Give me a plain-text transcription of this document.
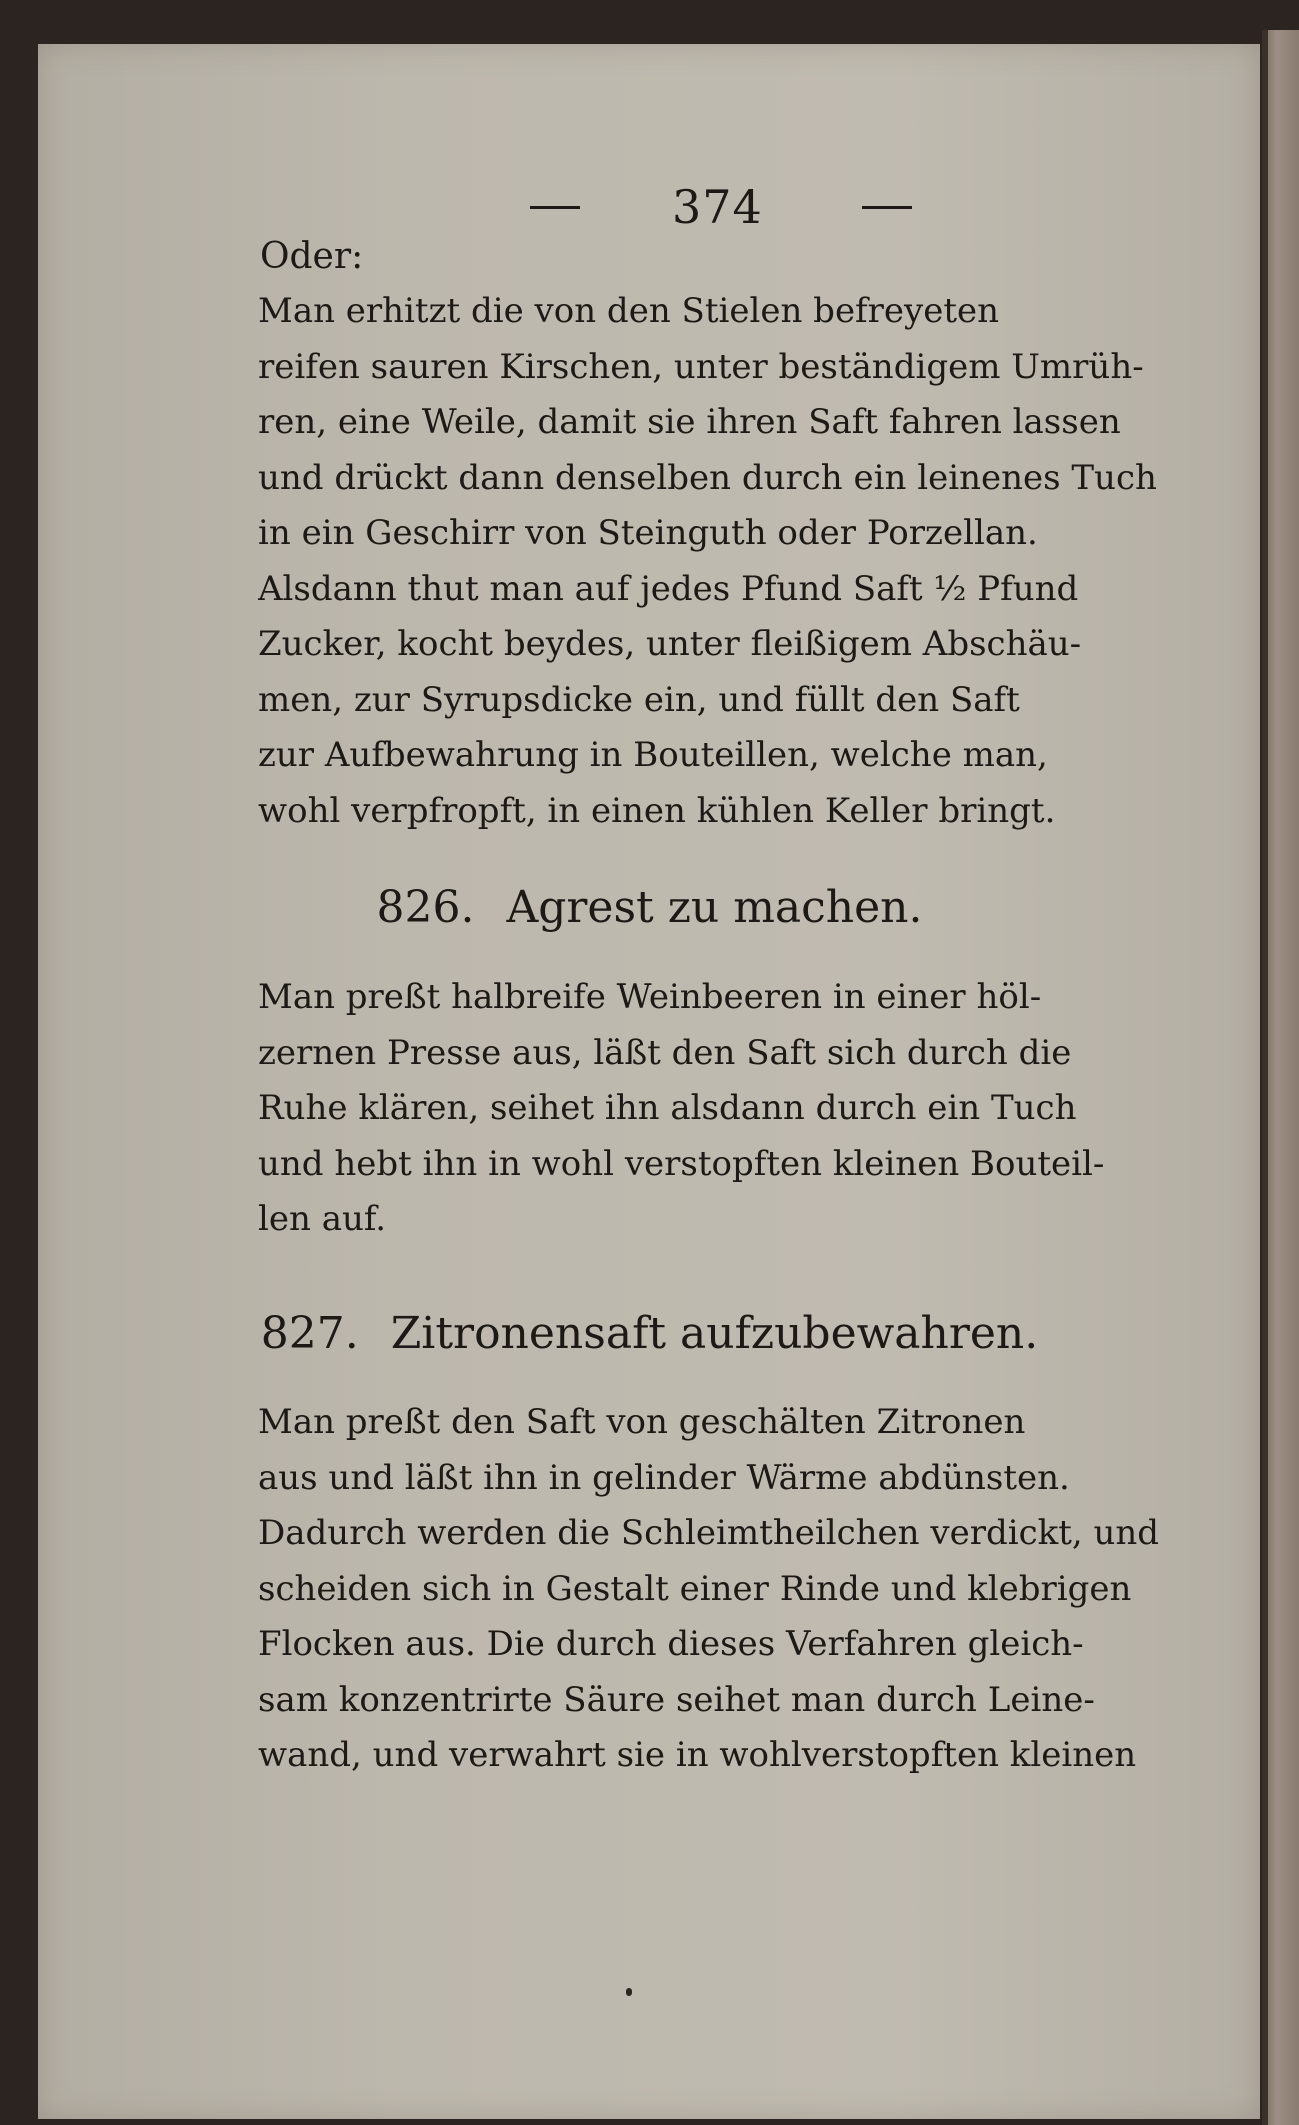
374
Oder:
Man erhitzt die von den Stielen befreyeten
reifen sauren Kirschen, unter beständigem Umrüh-
ren, eine Weile, damit sie ihren Saft fahren lassen
und drückt dann denselben durch ein leinenes Tuch
in ein Geschirr von Steinguth oder Porzellan.
Alsdann thut man auf jedes Pfund Saft ½ Pfund
Zucker, kocht beydes, unter fleißigem Abschäu-
men, zur Syrupsdicke ein, und füllt den Saft
zur Aufbewahrung in Bouteillen, welche man,
wohl verpfropft, in einen kühlen Keller bringt.
826. Agrest zu machen.
Man preßt halbreife Weinbeeren in einer höl-
zernen Presse aus, läßt den Saft sich durch die
Ruhe klären, seihet ihn alsdann durch ein Tuch
und hebt ihn in wohl verstopften kleinen Bouteil-
len auf.
827. Zitronensaft aufzubewahren.
Man preßt den Saft von geschälten Zitronen
aus und läßt ihn in gelinder Wärme abdünsten.
Dadurch werden die Schleimtheilchen verdickt, und
scheiden sich in Gestalt einer Rinde und klebrigen
Flocken aus. Die durch dieses Verfahren gleich-
sam konzentrirte Säure seihet man durch Leine-
wand, und verwahrt sie in wohlverstopften kleinen
